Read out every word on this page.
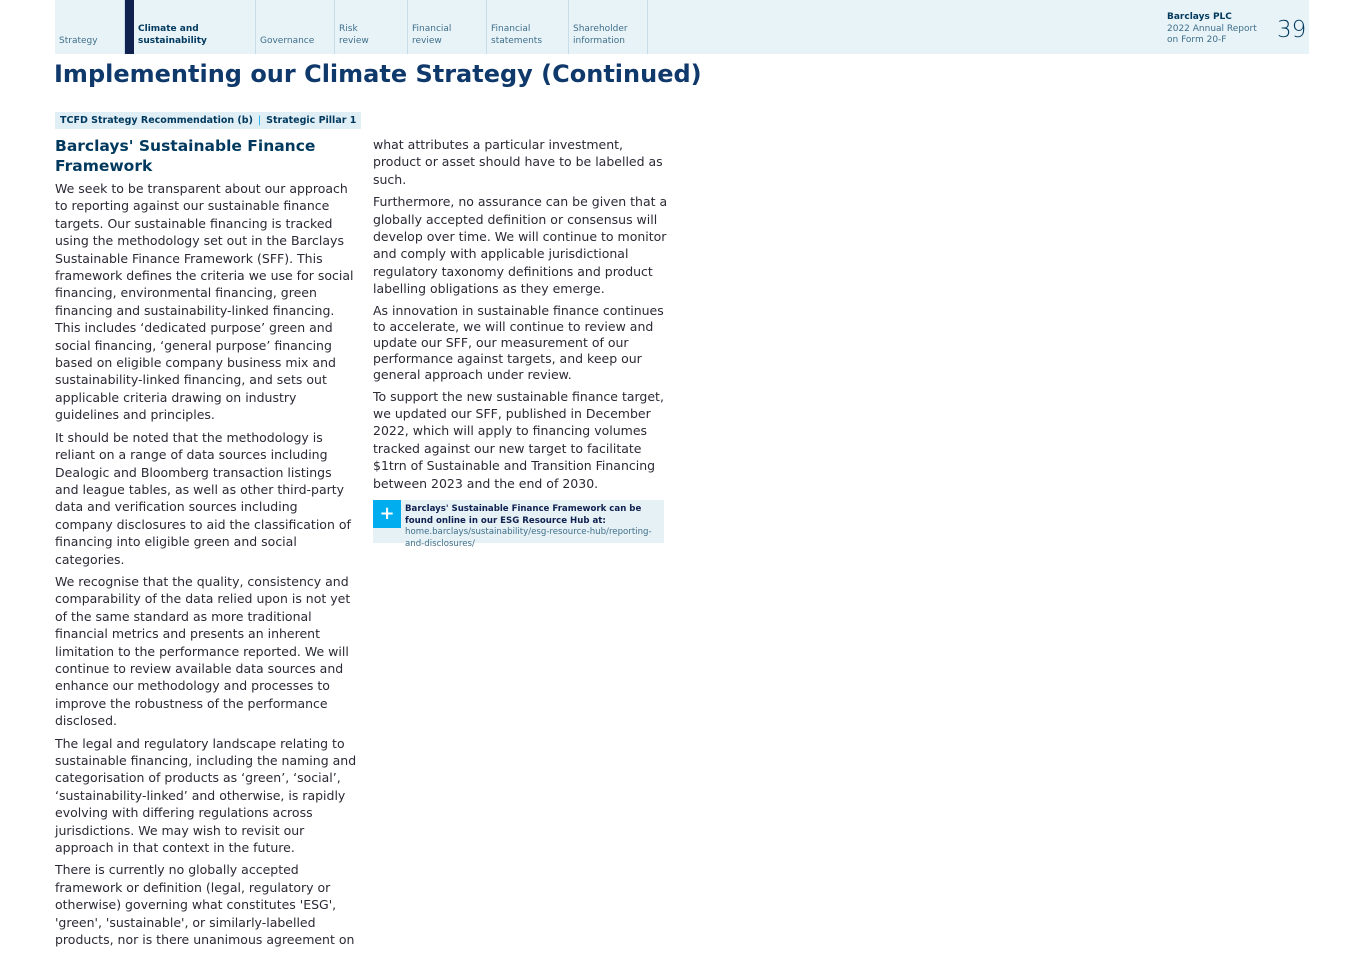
Strategy
Climate and
sustainability	Governance
Risk
review
Financial
review
Financial
statements
Shareholder
information
Barclays PLC
2022 Annual Report
on Form 20-F	39
Implementing our Climate Strategy (Continued)
TCFD Strategy Recommendation (b) | Strategic Pillar 1
Barclays' Sustainable Finance Framework

We seek to be transparent about our approach to reporting against our sustainable finance targets. Our sustainable financing is tracked using the methodology set out in the Barclays Sustainable Finance Framework (SFF). This framework defines the criteria we use for social financing, environmental financing, green financing and sustainability-linked financing. This includes ‘dedicated purpose’ green and social financing, ‘general purpose’ financing based on eligible company business mix and sustainability-linked financing, and sets out applicable criteria drawing on industry guidelines and principles.

It should be noted that the methodology is reliant on a range of data sources including Dealogic and Bloomberg transaction listings and league tables, as well as other third-party data and verification sources including company disclosures to aid the classification of financing into eligible green and social categories.

We recognise that the quality, consistency and comparability of the data relied upon is not yet of the same standard as more traditional financial metrics and presents an inherent limitation to the performance reported. We will continue to review available data sources and enhance our methodology and processes to improve the robustness of the performance disclosed.

The legal and regulatory landscape relating to sustainable financing, including the naming and categorisation of products as ‘green’, ‘social’, ‘sustainability-linked’ and otherwise, is rapidly evolving with differing regulations across jurisdictions. We may wish to revisit our approach in that context in the future.

There is currently no globally accepted framework or definition (legal, regulatory or otherwise) governing what constitutes 'ESG', 'green', 'sustainable', or similarly-labelled products, nor is there unanimous agreement on

what attributes a particular investment, product or asset should have to be labelled as such.

Furthermore, no assurance can be given that a globally accepted definition or consensus will develop over time. We will continue to monitor and comply with applicable jurisdictional regulatory taxonomy definitions and product labelling obligations as they emerge.

As innovation in sustainable finance continues to accelerate, we will continue to review and update our SFF, our measurement of our performance against targets, and keep our general approach under review.

To support the new sustainable finance target, we updated our SFF, published in December 2022, which will apply to financing volumes tracked against our new target to facilitate $1trn of Sustainable and Transition Financing between 2023 and the end of 2030.

+	Barclays' Sustainable Finance Framework can be found online in our ESG Resource Hub at: home.barclays/sustainability/esg-resource-hub/reporting-and-disclosures/
